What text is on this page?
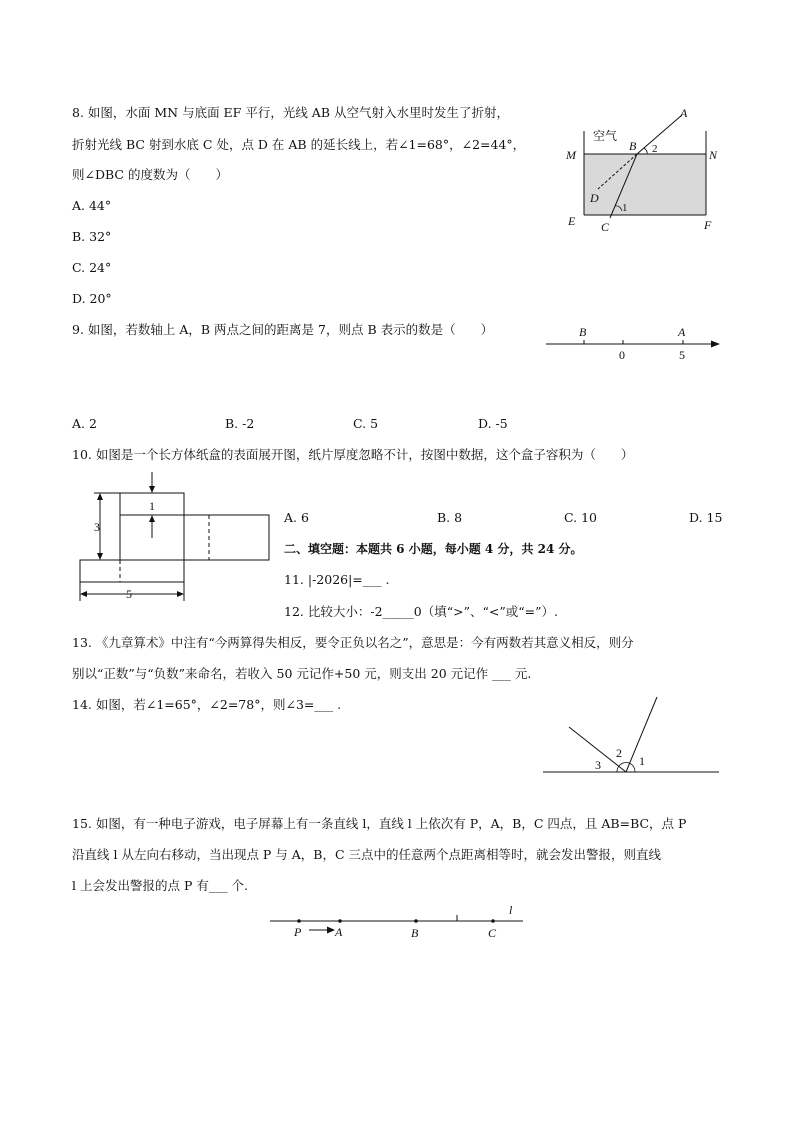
8. 如图，水面 MN 与底面 EF 平行，光线 AB 从空气射入水里时发生了折射，
折射光线 BC 射到水底 C 处，点 D 在 AB 的延长线上，若∠1=68°，∠2=44°，
则∠DBC 的度数为（　　）
A. 44°
B. 32°
C. 24°
D. 20°
空气
A
B 2
M	N
D
1
E C	F
9. 如图，若数轴上 A，B 两点之间的距离是 7，则点 B 表示的数是（　　）	B	A
0	5
A. 2	B. -2	C. 5	D. -5
10. 如图是一个长方体纸盒的表面展开图，纸片厚度忽略不计，按图中数据，这个盒子容积为（　　）
1
3
5
A. 6	B. 8	C. 10	D. 15
二、填空题：本题共 6 小题，每小题 4 分，共 24 分。
11. |-2026|=___ .
12. 比较大小：-2_____0（填“>”、“<”或“=”）.
13. 《九章算术》中注有“今两算得失相反，要令正负以名之”，意思是：今有两数若其意义相反，则分
别以“正数”与“负数”来命名，若收入 50 元记作+50 元，则支出 20 元记作 ___ 元.
14. 如图，若∠1=65°，∠2=78°，则∠3=___ .
3
2
1
15. 如图，有一种电子游戏，电子屏幕上有一条直线 l，直线 l 上依次有 P，A，B，C 四点，且 AB=BC，点 P
沿直线 l 从左向右移动，当出现点 P 与 A，B，C 三点中的任意两个点距离相等时，就会发出警报，则直线
l 上会发出警报的点 P 有___ 个.
P	A	B	C
l
